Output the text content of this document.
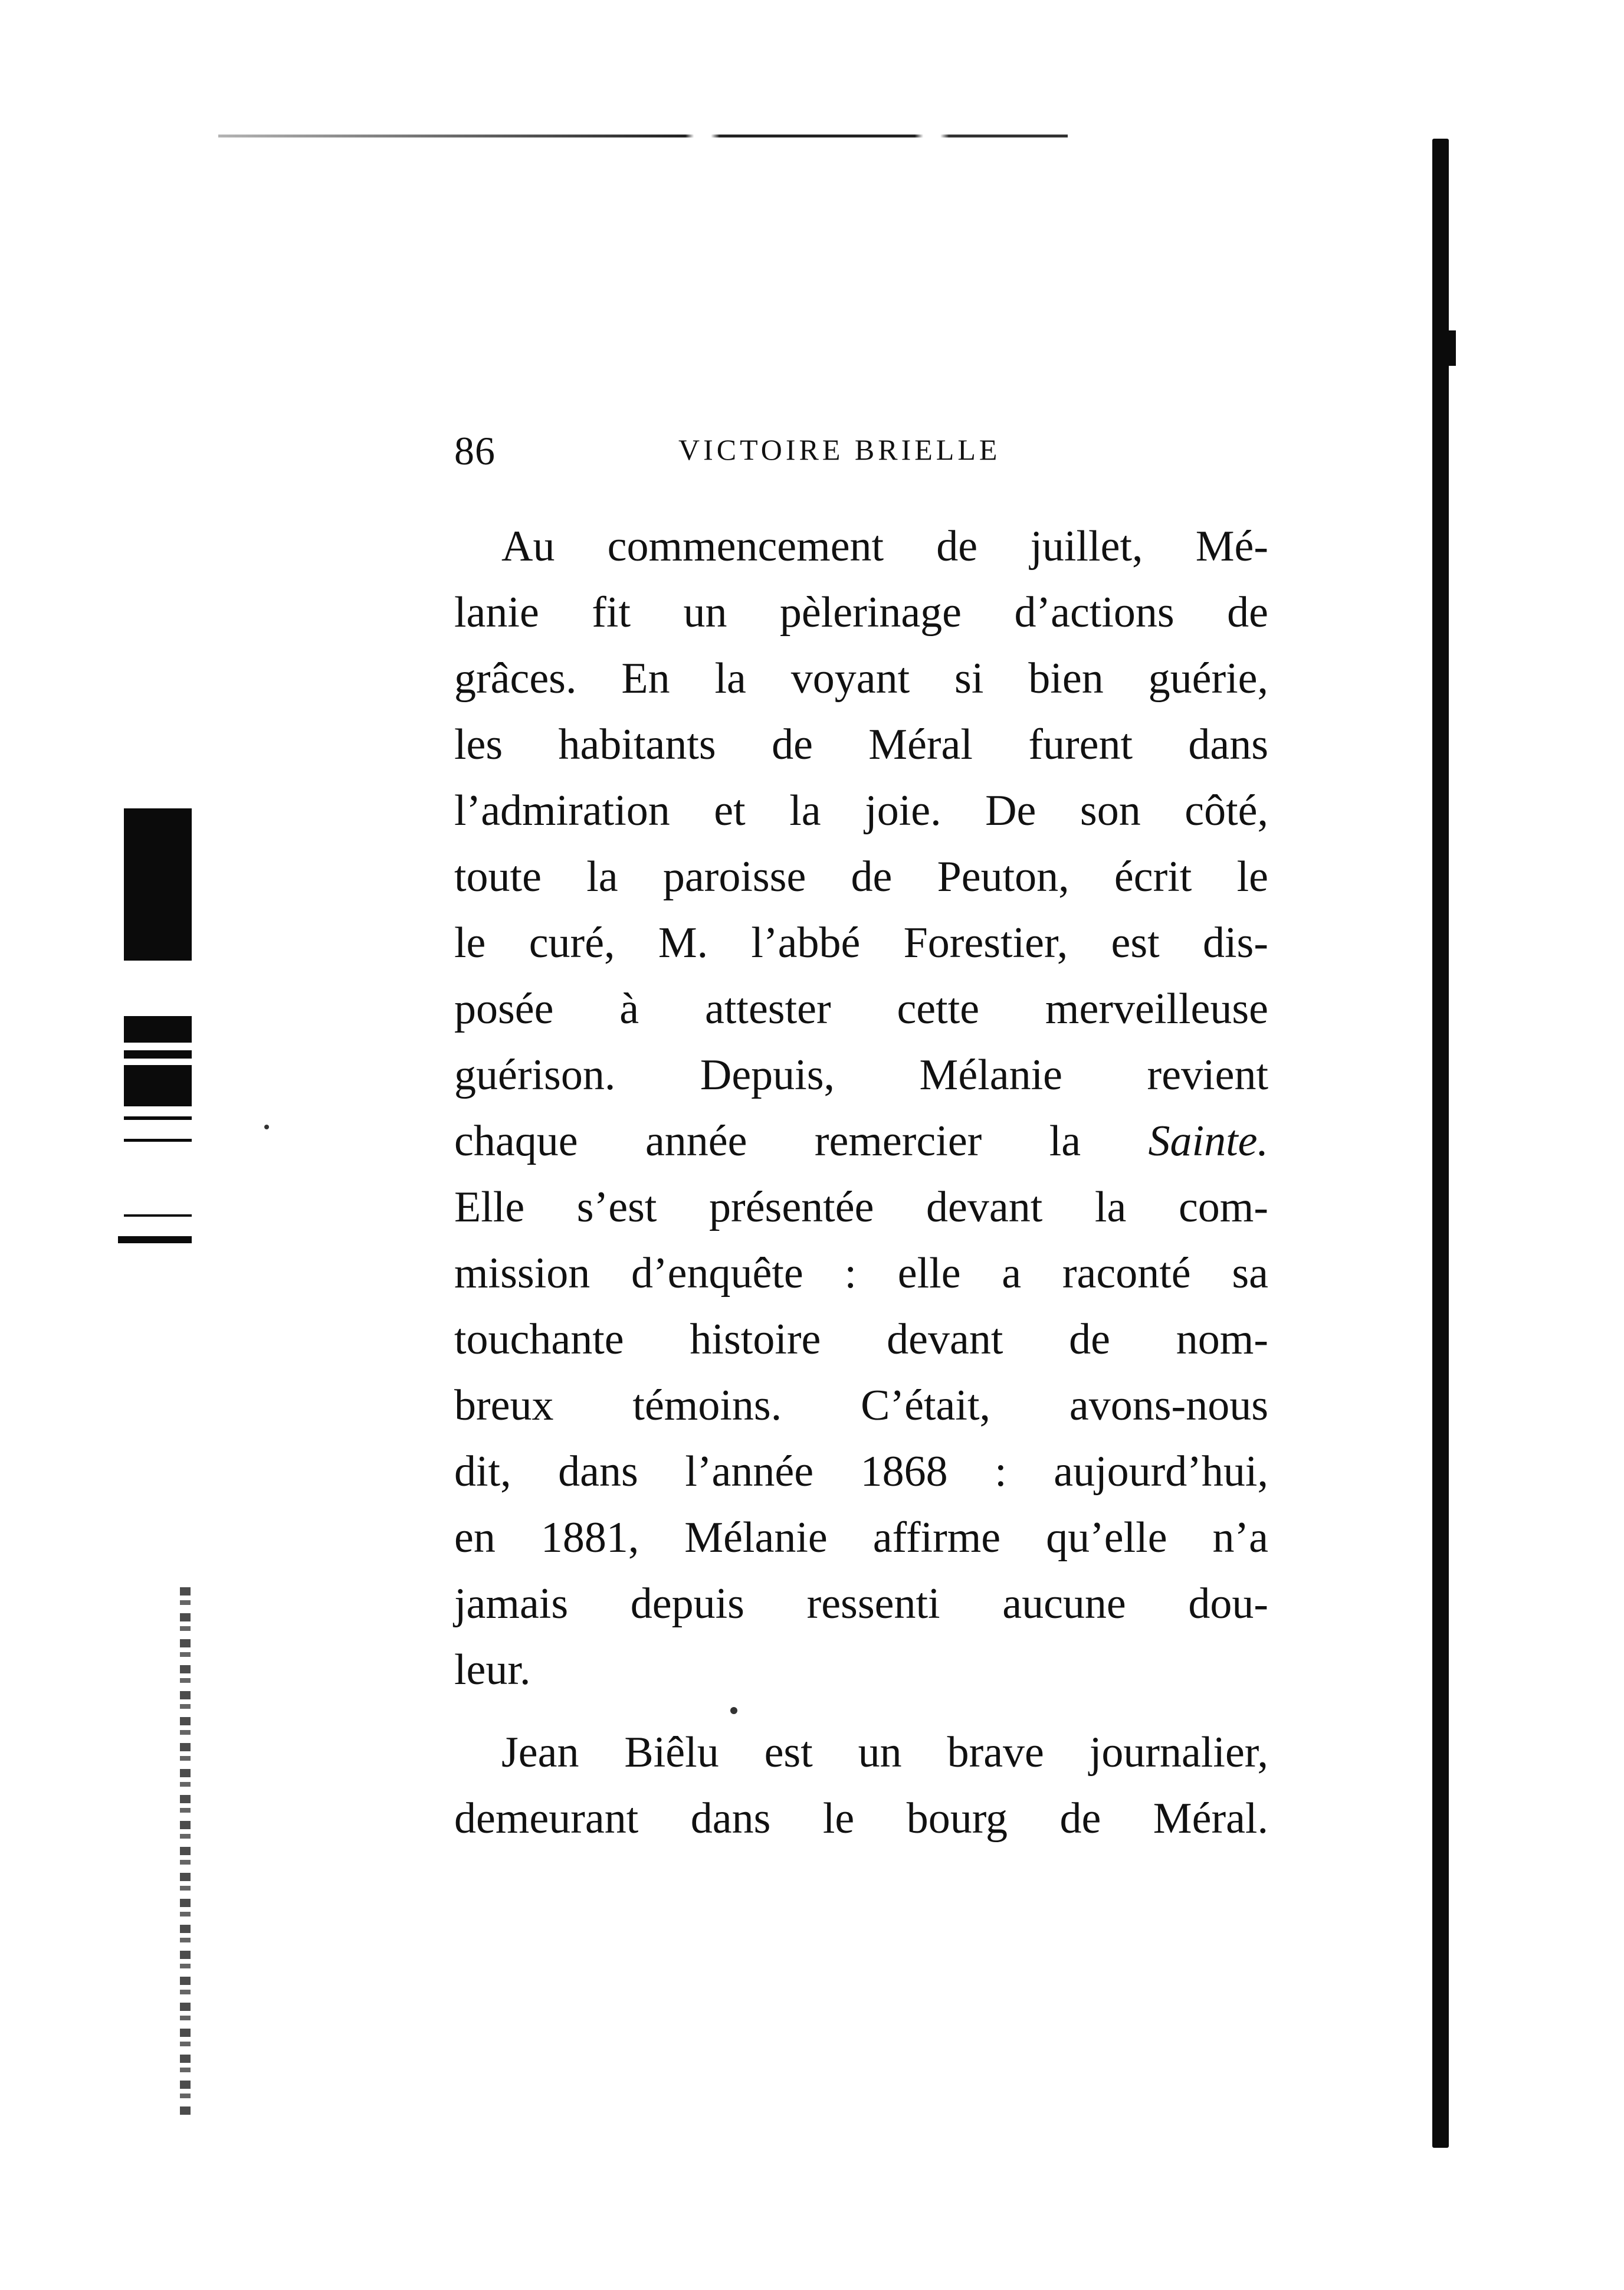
86	VICTOIRE BRIELLE
Au commencement de juillet, Mé-
lanie fit un pèlerinage d’actions de
grâces. En la voyant si bien guérie,
les habitants de Méral furent dans
l’admiration et la joie. De son côté,
toute la paroisse de Peuton, écrit le
le curé, M. l’abbé Forestier, est dis-
posée à attester cette merveilleuse
guérison. Depuis, Mélanie revient
chaque année remercier la Sainte.
Elle s’est présentée devant la com-
mission d’enquête : elle a raconté sa
touchante histoire devant de nom-
breux témoins. C’était, avons-nous
dit, dans l’année 1868 : aujourd’hui,
en 1881, Mélanie affirme qu’elle n’a
jamais depuis ressenti aucune dou-
leur.
Jean Biêlu est un brave journalier,
demeurant dans le bourg de Méral.
